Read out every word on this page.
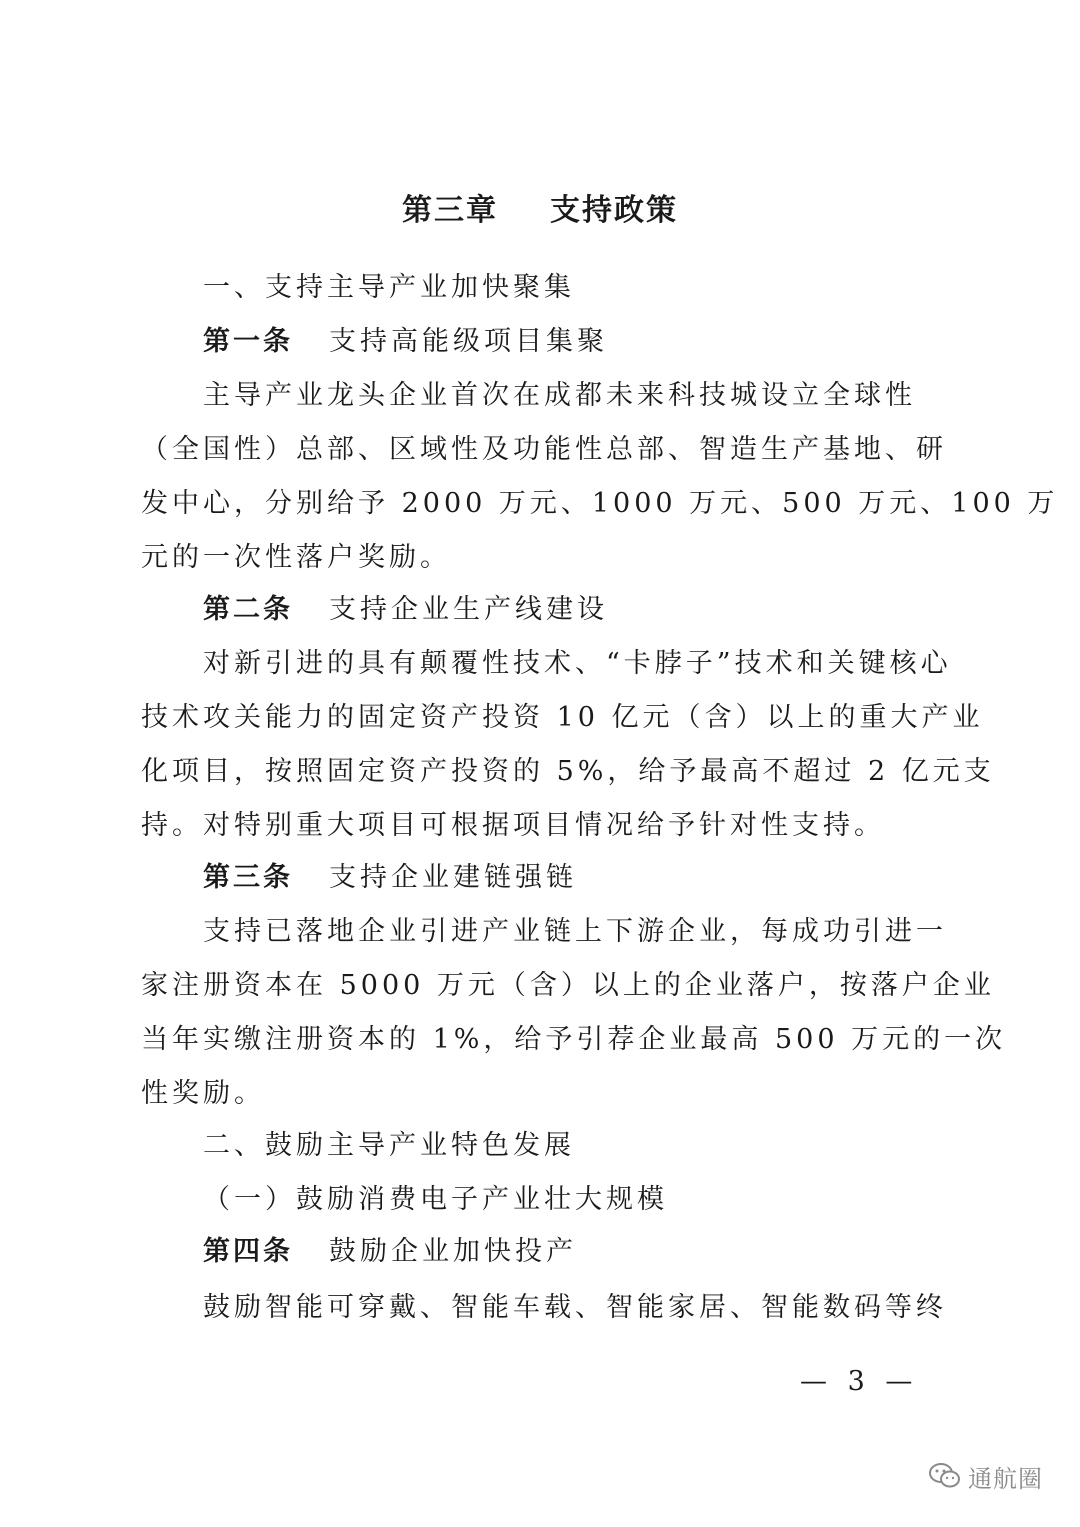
第三章 支持政策
一、支持主导产业加快聚集
第一条 支持高能级项目集聚
主导产业龙头企业首次在成都未来科技城设立全球性
（全国性）总部、区域性及功能性总部、智造生产基地、研
发中心，分别给予 2000 万元、1000 万元、500 万元、100 万
元的一次性落户奖励。
第二条 支持企业生产线建设
对新引进的具有颠覆性技术、“卡脖子”技术和关键核心
技术攻关能力的固定资产投资 10 亿元（含）以上的重大产业
化项目，按照固定资产投资的 5%，给予最高不超过 2 亿元支
持。对特别重大项目可根据项目情况给予针对性支持。
第三条 支持企业建链强链
支持已落地企业引进产业链上下游企业，每成功引进一
家注册资本在 5000 万元（含）以上的企业落户，按落户企业
当年实缴注册资本的 1%，给予引荐企业最高 500 万元的一次
性奖励。
二、鼓励主导产业特色发展
（一）鼓励消费电子产业壮大规模
第四条 鼓励企业加快投产
鼓励智能可穿戴、智能车载、智能家居、智能数码等终
— 3 —
通航圈
